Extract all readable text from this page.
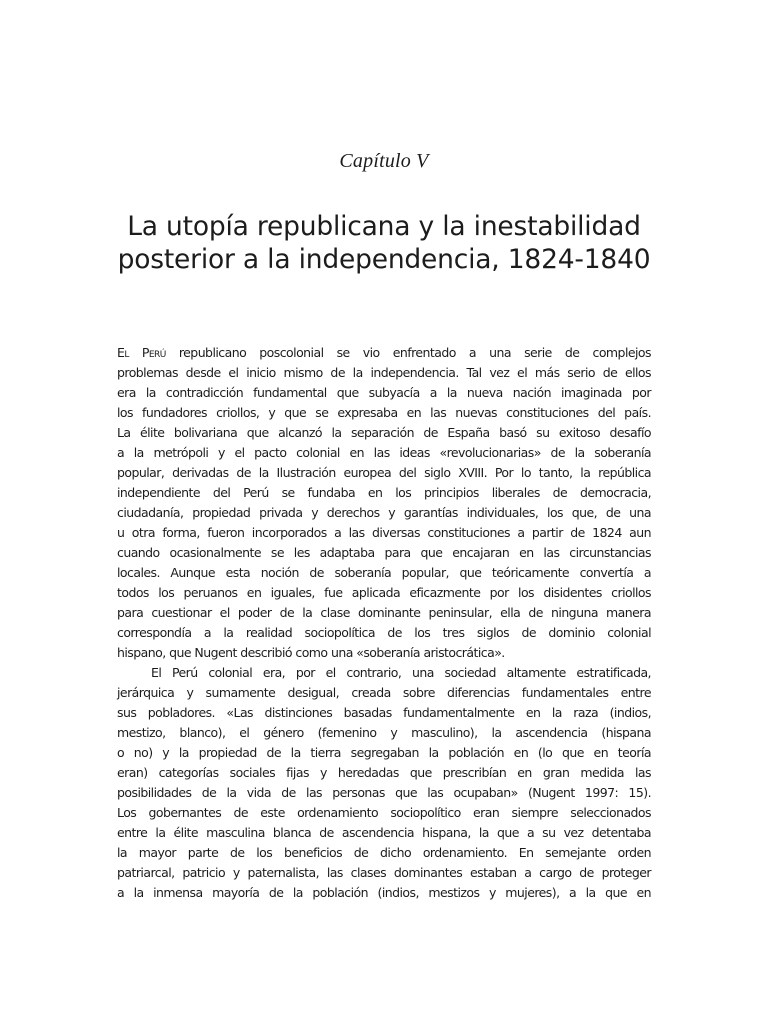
Capítulo V
La utopía republicana y la inestabilidad
posterior a la independencia, 1824-1840
El Perú republicano poscolonial se vio enfrentado a una serie de complejos
problemas desde el inicio mismo de la independencia. Tal vez el más serio de ellos
era la contradicción fundamental que subyacía a la nueva nación imaginada por
los fundadores criollos, y que se expresaba en las nuevas constituciones del país.
La élite bolivariana que alcanzó la separación de España basó su exitoso desafío
a la metrópoli y el pacto colonial en las ideas «revolucionarias» de la soberanía
popular, derivadas de la Ilustración europea del siglo XVIII. Por lo tanto, la república
independiente del Perú se fundaba en los principios liberales de democracia,
ciudadanía, propiedad privada y derechos y garantías individuales, los que, de una
u otra forma, fueron incorporados a las diversas constituciones a partir de 1824 aun
cuando ocasionalmente se les adaptaba para que encajaran en las circunstancias
locales. Aunque esta noción de soberanía popular, que teóricamente convertía a
todos los peruanos en iguales, fue aplicada eficazmente por los disidentes criollos
para cuestionar el poder de la clase dominante peninsular, ella de ninguna manera
correspondía a la realidad sociopolítica de los tres siglos de dominio colonial
hispano, que Nugent describió como una «soberanía aristocrática».
El Perú colonial era, por el contrario, una sociedad altamente estratificada,
jerárquica y sumamente desigual, creada sobre diferencias fundamentales entre
sus pobladores. «Las distinciones basadas fundamentalmente en la raza (indios,
mestizo, blanco), el género (femenino y masculino), la ascendencia (hispana
o no) y la propiedad de la tierra segregaban la población en (lo que en teoría
eran) categorías sociales fijas y heredadas que prescribían en gran medida las
posibilidades de la vida de las personas que las ocupaban» (Nugent 1997: 15).
Los gobernantes de este ordenamiento sociopolítico eran siempre seleccionados
entre la élite masculina blanca de ascendencia hispana, la que a su vez detentaba
la mayor parte de los beneficios de dicho ordenamiento. En semejante orden
patriarcal, patricio y paternalista, las clases dominantes estaban a cargo de proteger
a la inmensa mayoría de la población (indios, mestizos y mujeres), a la que en
